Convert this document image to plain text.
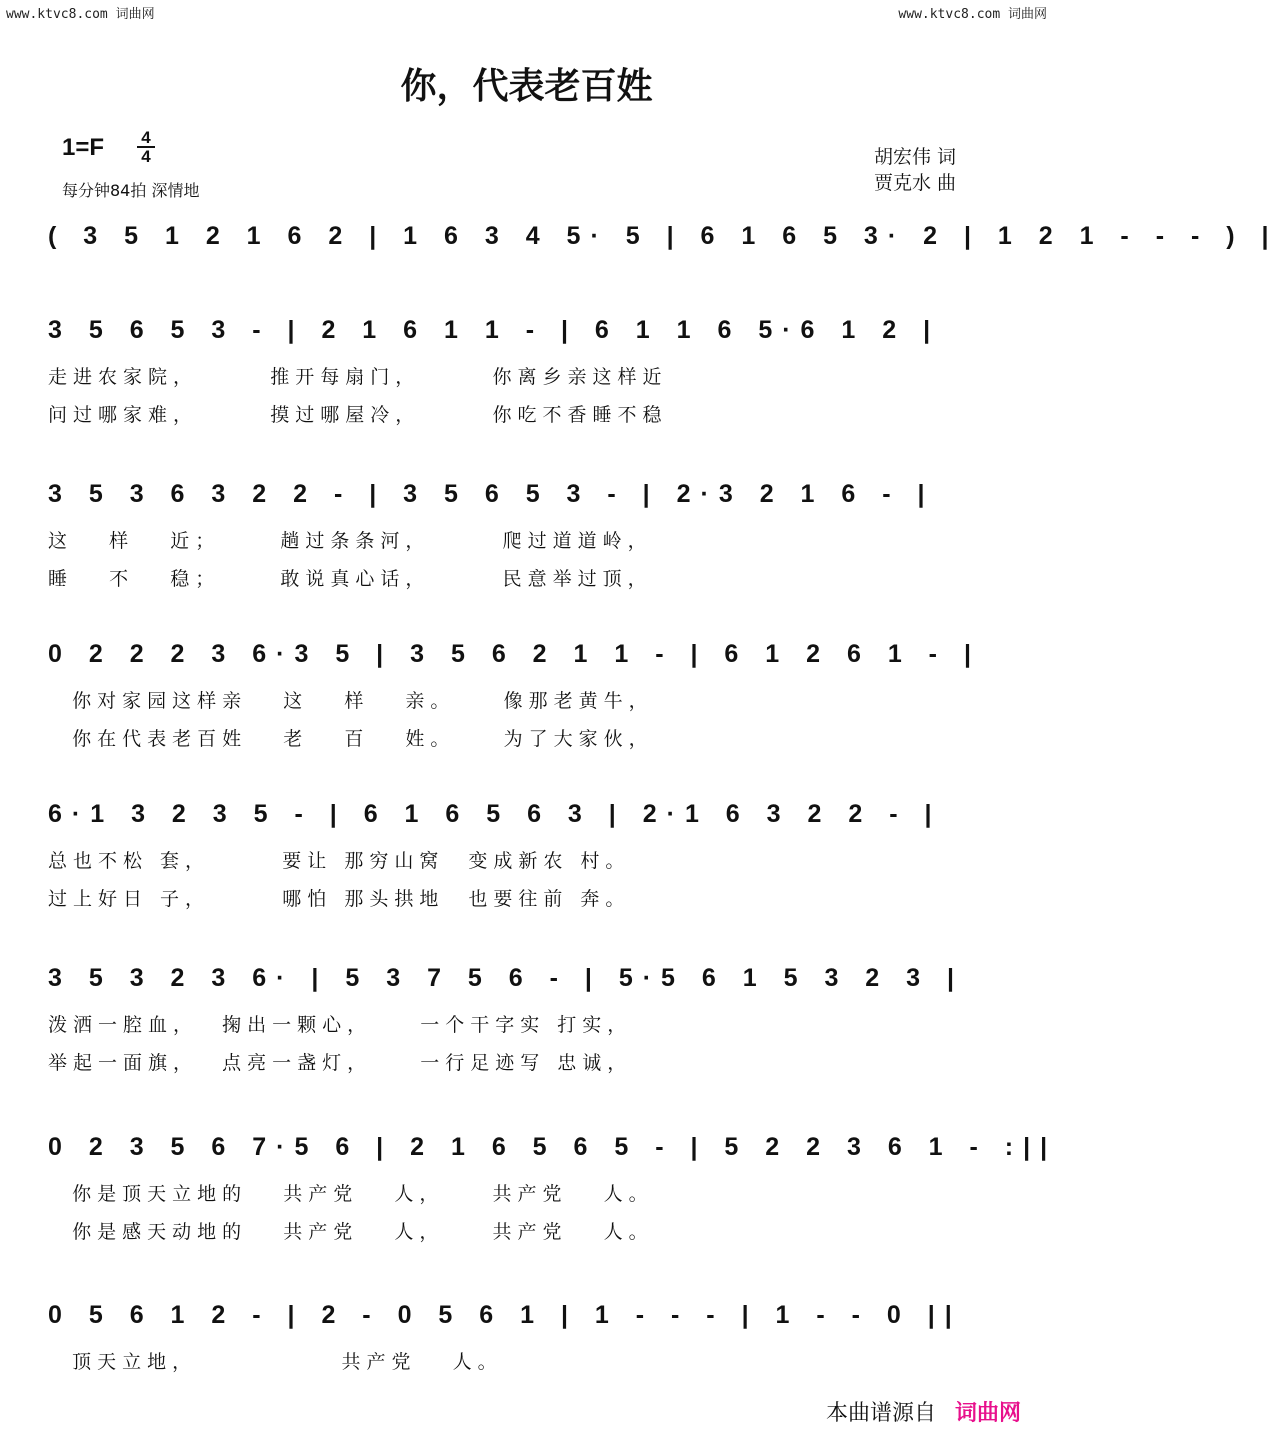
www.ktvc8.com 词曲网	www.ktvc8.com 词曲网
你，代表老百姓
1=F	4
4
每分钟84拍 深情地
胡宏伟 词
贾克水 曲
( 3 5 1 2 1 6 2 | 1 6 3 4 5· 5 | 6 1 6 5 3· 2 | 1 2 1 - - - ) |
3 5 6 5 3 - | 2 1 6 1 1 - | 6 1 1 6 5·6 1 2 |
走进农家院，      推开每扇门，      你离乡亲这样近
问过哪家难，      摸过哪屋冷，      你吃不香睡不稳
3 5 3 6 3 2 2 - | 3 5 6 5 3 - | 2·3 2 1 6 - |
这   样   近；     趟过条条河，      爬过道道岭，
睡   不   稳；     敢说真心话，      民意举过顶，
0 2 2 2 3 6·3 5 | 3 5 6 2 1 1 - | 6 1 2 6 1 - |
你对家园这样亲   这   样   亲。    像那老黄牛，
你在代表老百姓   老   百   姓。    为了大家伙，
6·1 3 2 3 5 - | 6 1 6 5 6 3 | 2·1 6 3 2 2 - |
总也不松 套，      要让 那穷山窝  变成新农 村。
过上好日 子，      哪怕 那头拱地  也要往前 奔。
3 5 3 2 3 6· | 5 3 7 5 6 - | 5·5 6 1 5 3 2 3 |
泼洒一腔血，  掬出一颗心，    一个干字实 打实，
举起一面旗，  点亮一盏灯，    一行足迹写 忠诚，
0 2 3 5 6 7·5 6 | 2 1 6 5 6 5 - | 5 2 2 3 6 1 - :||
你是顶天立地的   共产党   人，    共产党   人。
你是感天动地的   共产党   人，    共产党   人。
0 5 6 1 2 - | 2 - 0 5 6 1 | 1 - - - | 1 - - 0 ||
顶天立地，            共产党   人。
本曲谱源自 词曲网
